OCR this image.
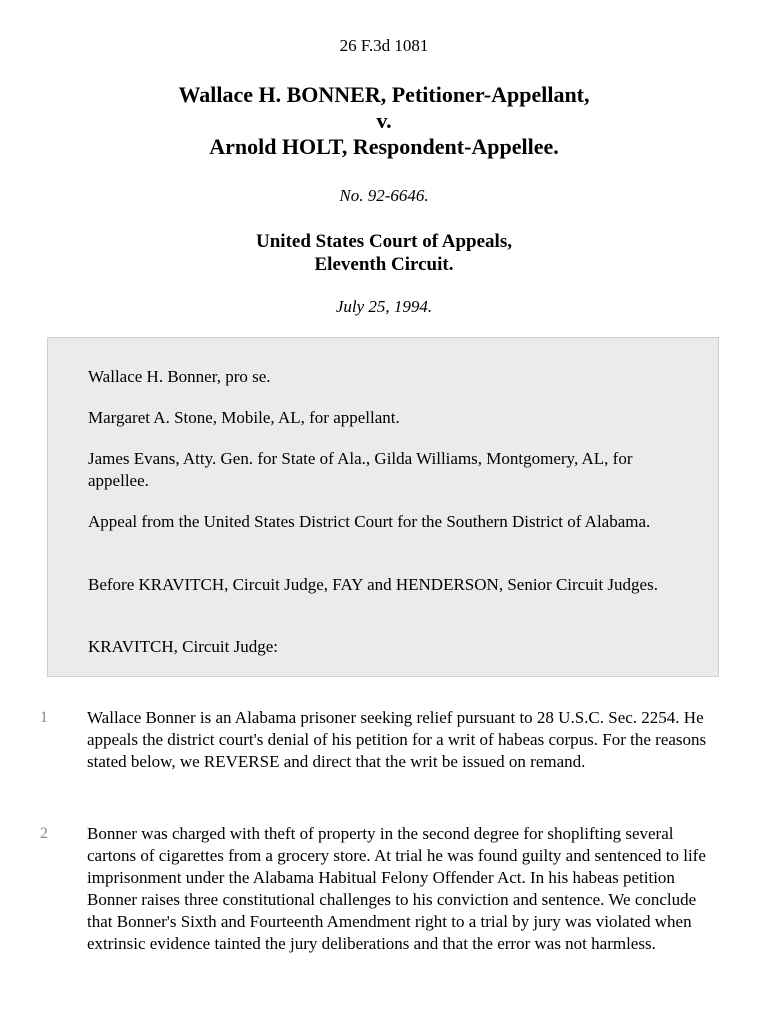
26 F.3d 1081
Wallace H. BONNER, Petitioner-Appellant,
v.
Arnold HOLT, Respondent-Appellee.
No. 92-6646.
United States Court of Appeals,
Eleventh Circuit.
July 25, 1994.
Wallace H. Bonner, pro se.
Margaret A. Stone, Mobile, AL, for appellant.
James Evans, Atty. Gen. for State of Ala., Gilda Williams, Montgomery, AL, for appellee.
Appeal from the United States District Court for the Southern District of Alabama.
Before KRAVITCH, Circuit Judge, FAY and HENDERSON, Senior Circuit Judges.
KRAVITCH, Circuit Judge:
1	Wallace Bonner is an Alabama prisoner seeking relief pursuant to 28 U.S.C. Sec. 2254. He appeals the district court's denial of his petition for a writ of habeas corpus. For the reasons stated below, we REVERSE and direct that the writ be issued on remand.
2	Bonner was charged with theft of property in the second degree for shoplifting several cartons of cigarettes from a grocery store. At trial he was found guilty and sentenced to life imprisonment under the Alabama Habitual Felony Offender Act. In his habeas petition Bonner raises three constitutional challenges to his conviction and sentence. We conclude that Bonner's Sixth and Fourteenth Amendment right to a trial by jury was violated when extrinsic evidence tainted the jury deliberations and that the error was not harmless.
